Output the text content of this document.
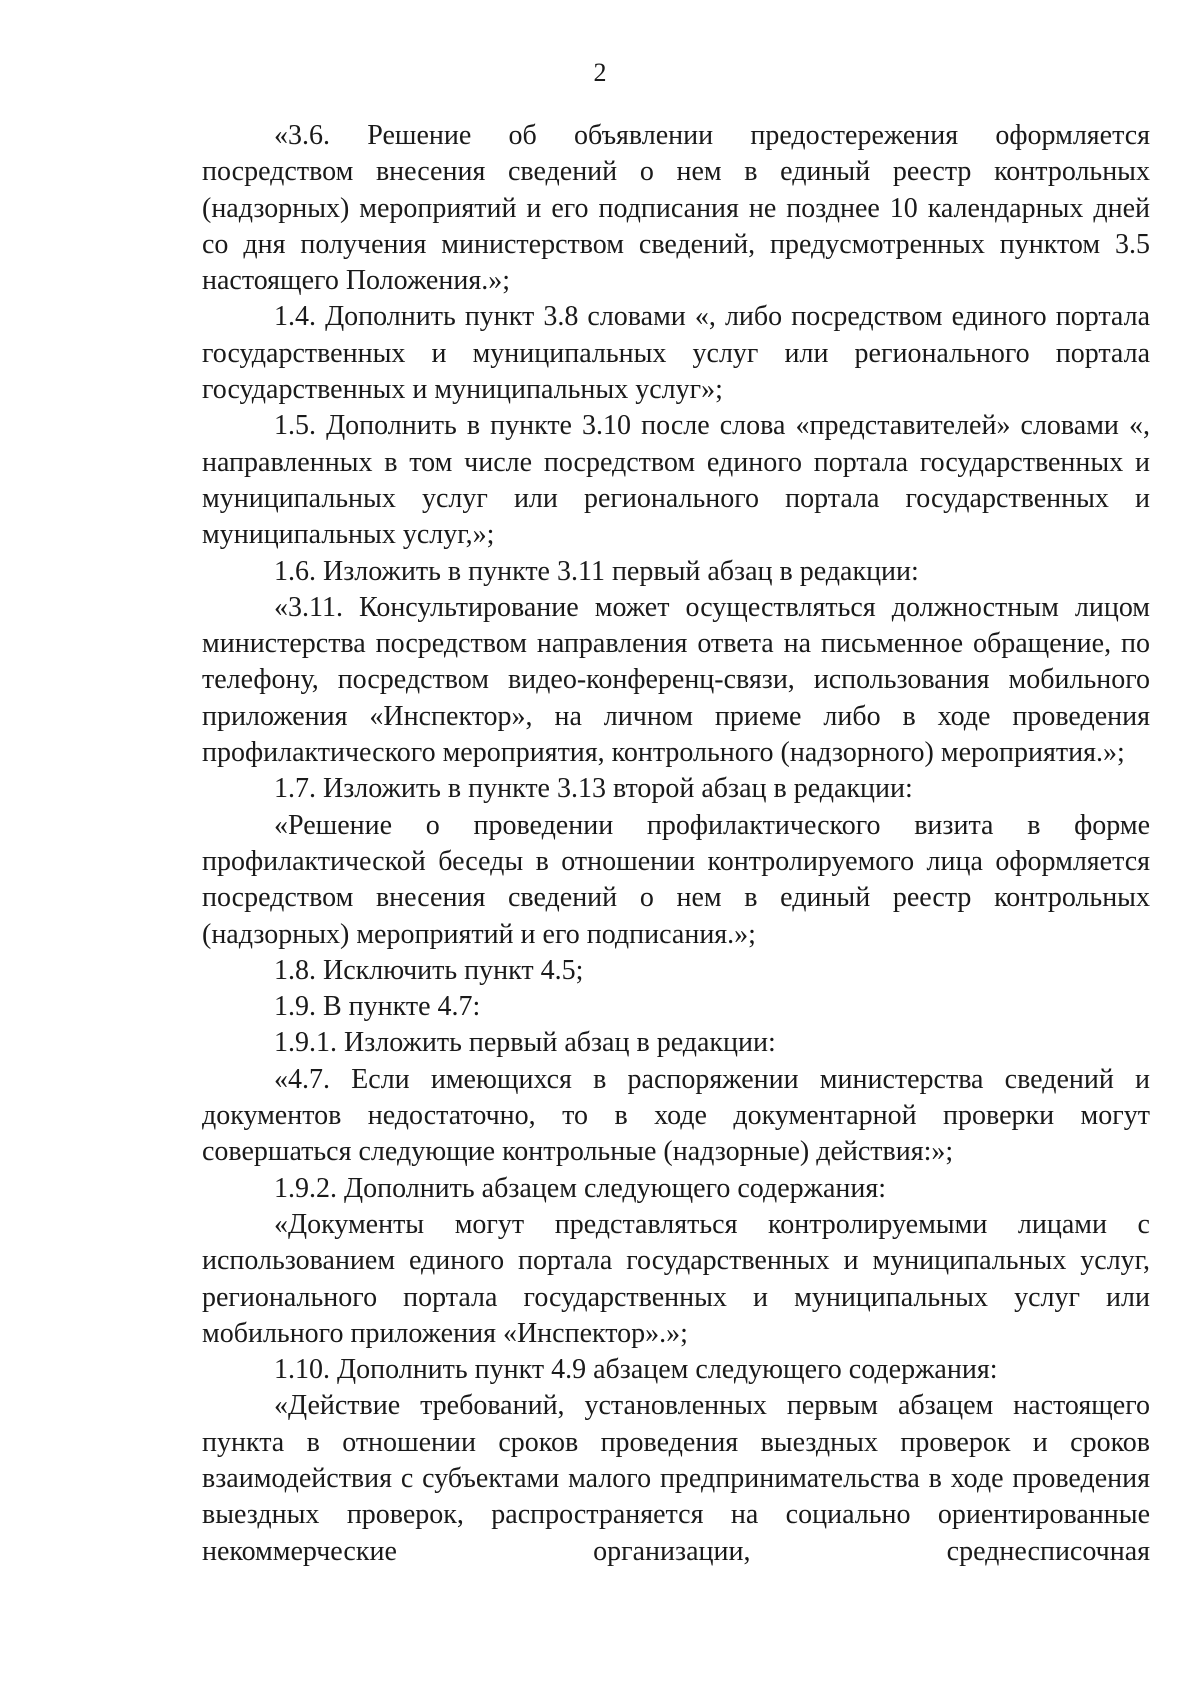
2

«3.6. Решение об объявлении предостережения оформляется посредством внесения сведений о нем в единый реестр контрольных (надзорных) мероприятий и его подписания не позднее 10 календарных дней со дня получения министерством сведений, предусмотренных пунктом 3.5 настоящего Положения.»;

1.4. Дополнить пункт 3.8 словами «, либо посредством единого портала государственных и муниципальных услуг или регионального портала государственных и муниципальных услуг»;

1.5. Дополнить в пункте 3.10 после слова «представителей» словами «, направленных в том числе посредством единого портала государственных и муниципальных услуг или регионального портала государственных и муниципальных услуг,»;

1.6. Изложить в пункте 3.11 первый абзац в редакции:

«3.11. Консультирование может осуществляться должностным лицом министерства посредством направления ответа на письменное обращение, по телефону, посредством видео-конференц-связи, использования мобильного приложения «Инспектор», на личном приеме либо в ходе проведения профилактического мероприятия, контрольного (надзорного) мероприятия.»;

1.7. Изложить в пункте 3.13 второй абзац в редакции:

«Решение о проведении профилактического визита в форме профилактической беседы в отношении контролируемого лица оформляется посредством внесения сведений о нем в единый реестр контрольных (надзорных) мероприятий и его подписания.»;

1.8. Исключить пункт 4.5;

1.9. В пункте 4.7:

1.9.1. Изложить первый абзац в редакции:

«4.7. Если имеющихся в распоряжении министерства сведений и документов недостаточно, то в ходе документарной проверки могут совершаться следующие контрольные (надзорные) действия:»;

1.9.2. Дополнить абзацем следующего содержания:

«Документы могут представляться контролируемыми лицами с использованием единого портала государственных и муниципальных услуг, регионального портала государственных и муниципальных услуг или мобильного приложения «Инспектор».»;

1.10. Дополнить пункт 4.9 абзацем следующего содержания:

«Действие требований, установленных первым абзацем настоящего пункта в отношении сроков проведения выездных проверок и сроков взаимодействия с субъектами малого предпринимательства в ходе проведения выездных проверок, распространяется на социально ориентированные некоммерческие организации, среднесписочная
